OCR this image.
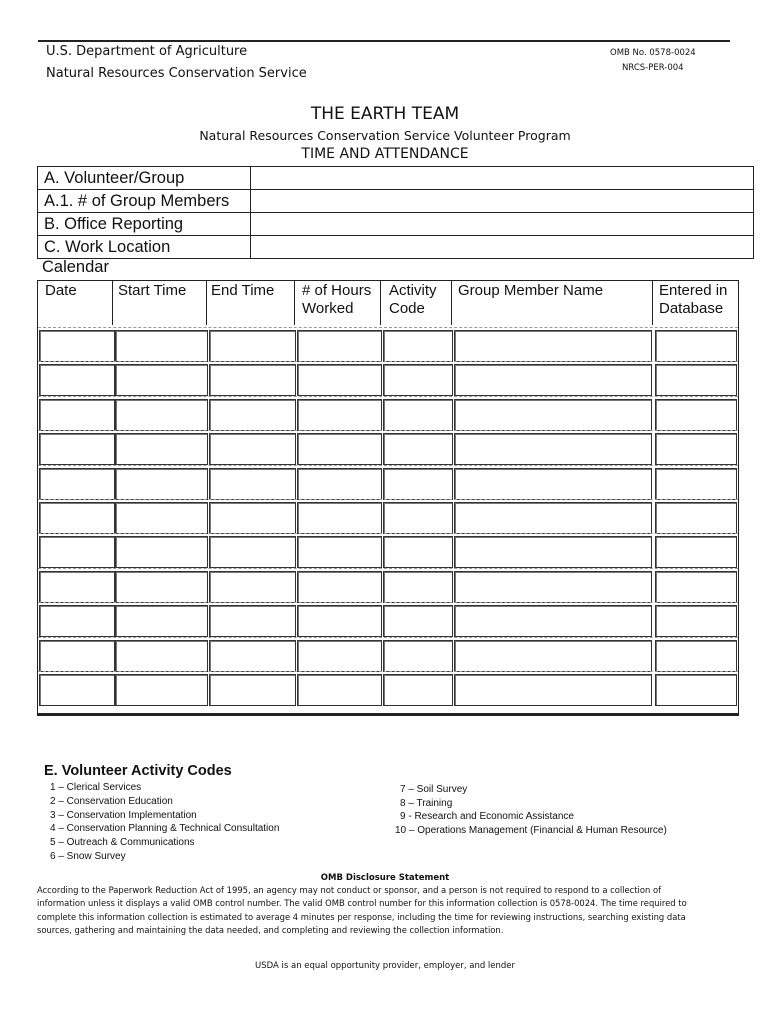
U.S. Department of Agriculture
Natural Resources Conservation Service
OMB No. 0578-0024
NRCS-PER-004
THE EARTH TEAM
Natural Resources Conservation Service Volunteer Program
TIME AND ATTENDANCE
A. Volunteer/Group
A.1. # of Group Members
B. Office Reporting
C. Work Location
Calendar
Date	Start Time End Time # of Hours
Worked
Activity
Code
Group Member Name	Entered in
Database
E. Volunteer Activity Codes
1 – Clerical Services
2 – Conservation Education
3 – Conservation Implementation
4 – Conservation Planning & Technical Consultation
5 – Outreach & Communications
6 – Snow Survey
7 – Soil Survey
8 – Training
9 - Research and Economic Assistance
10 – Operations Management (Financial & Human Resource)
OMB Disclosure Statement
According to the Paperwork Reduction Act of 1995, an agency may not conduct or sponsor, and a person is not required to respond to a collection of
information unless it displays a valid OMB control number. The valid OMB control number for this information collection is 0578-0024. The time required to
complete this information collection is estimated to average 4 minutes per response, including the time for reviewing instructions, searching existing data
sources, gathering and maintaining the data needed, and completing and reviewing the collection information.
USDA is an equal opportunity provider, employer, and lender
